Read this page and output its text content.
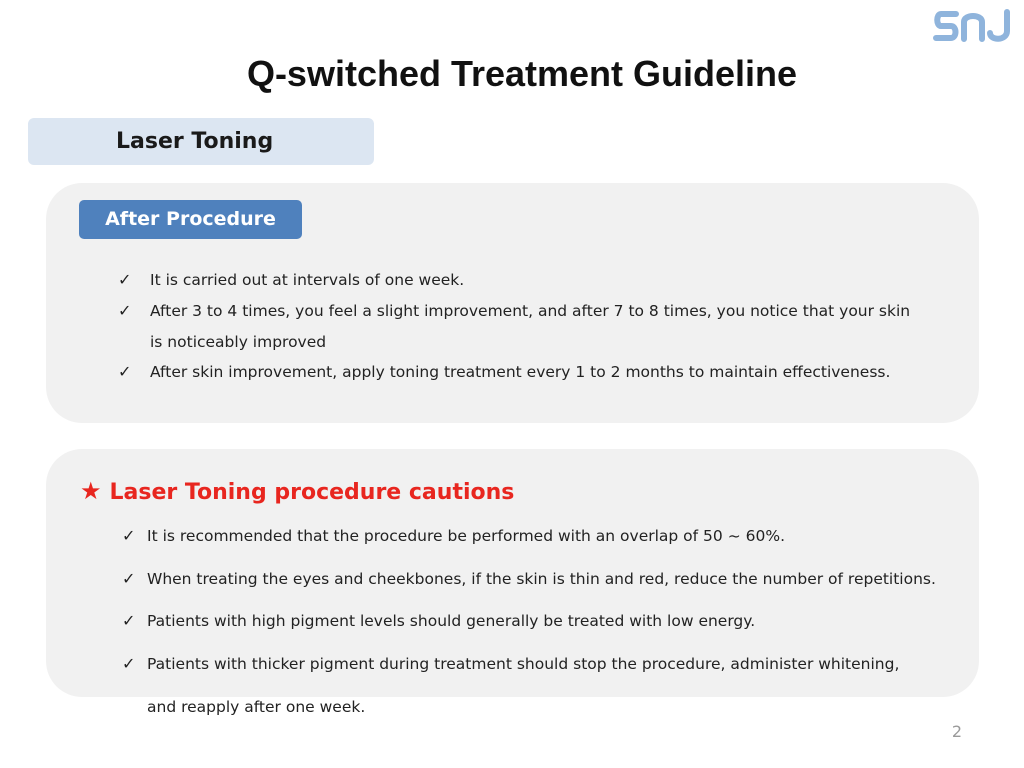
Q-switched Treatment Guideline
Laser Toning
After Procedure
✓ It is carried out at intervals of one week.
✓ After 3 to 4 times, you feel a slight improvement, and after 7 to 8 times, you notice that your skin
is noticeably improved
✓ After skin improvement, apply toning treatment every 1 to 2 months to maintain effectiveness.
★ Laser Toning procedure cautions
✓ It is recommended that the procedure be performed with an overlap of 50 ~ 60%.
✓ When treating the eyes and cheekbones, if the skin is thin and red, reduce the number of repetitions.
✓ Patients with high pigment levels should generally be treated with low energy.
✓ Patients with thicker pigment during treatment should stop the procedure, administer whitening,
and reapply after one week.
2
